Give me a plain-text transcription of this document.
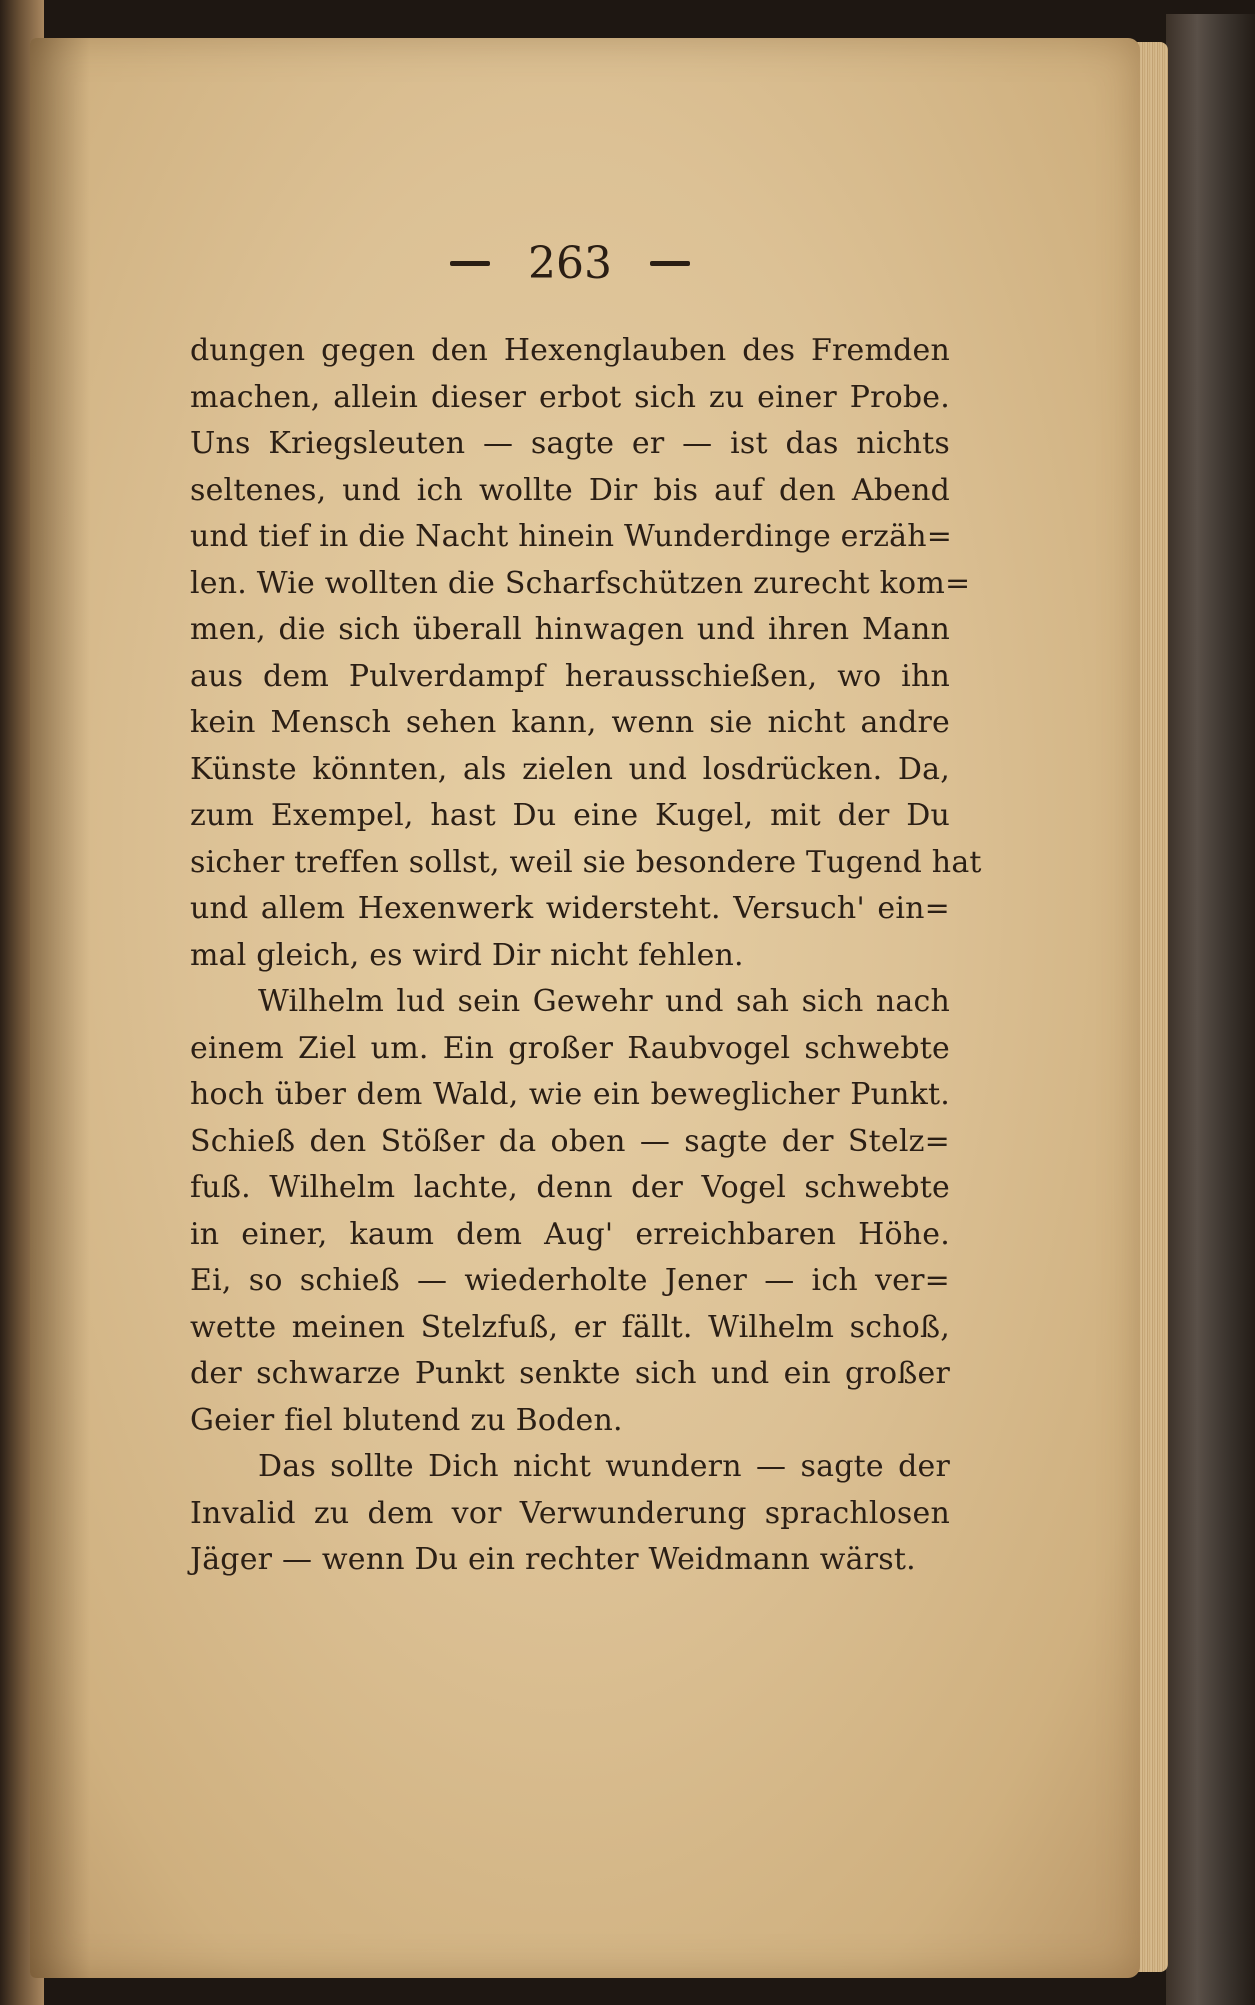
263
dungen gegen den Hexenglauben des Fremden
machen, allein dieser erbot sich zu einer Probe.
Uns Kriegsleuten — sagte er — ist das nichts
seltenes, und ich wollte Dir bis auf den Abend
und tief in die Nacht hinein Wunderdinge erzäh=
len. Wie wollten die Scharfschützen zurecht kom=
men, die sich überall hinwagen und ihren Mann
aus dem Pulverdampf herausschießen, wo ihn
kein Mensch sehen kann, wenn sie nicht andre
Künste könnten, als zielen und losdrücken. Da,
zum Exempel, hast Du eine Kugel, mit der Du
sicher treffen sollst, weil sie besondere Tugend hat
und allem Hexenwerk widersteht. Versuch' ein=
mal gleich, es wird Dir nicht fehlen.
Wilhelm lud sein Gewehr und sah sich nach
einem Ziel um. Ein großer Raubvogel schwebte
hoch über dem Wald, wie ein beweglicher Punkt.
Schieß den Stößer da oben — sagte der Stelz=
fuß. Wilhelm lachte, denn der Vogel schwebte
in einer, kaum dem Aug' erreichbaren Höhe.
Ei, so schieß — wiederholte Jener — ich ver=
wette meinen Stelzfuß, er fällt. Wilhelm schoß,
der schwarze Punkt senkte sich und ein großer
Geier fiel blutend zu Boden.
Das sollte Dich nicht wundern — sagte der
Invalid zu dem vor Verwunderung sprachlosen
Jäger — wenn Du ein rechter Weidmann wärst.
